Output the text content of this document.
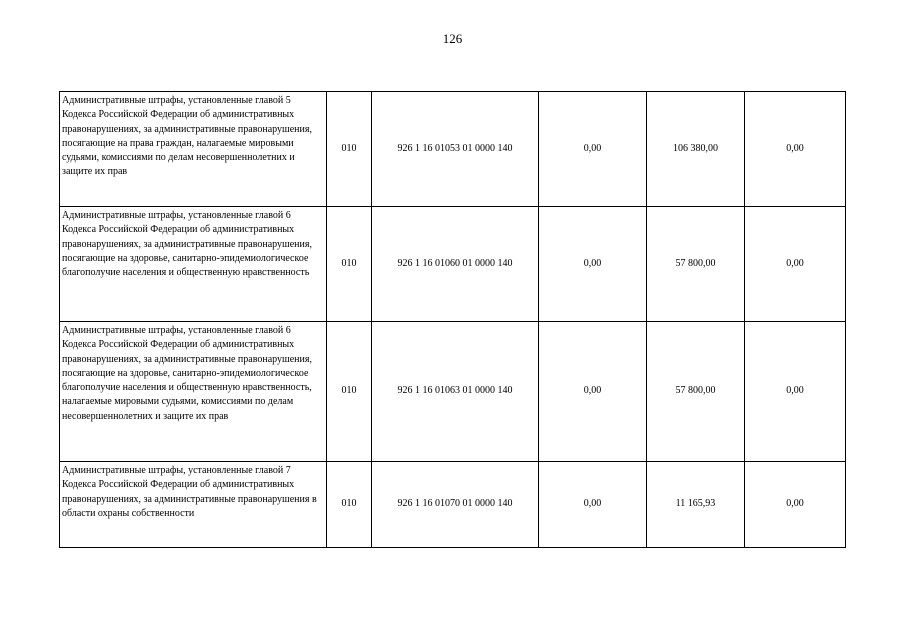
126
Административные штрафы, установленные главой 5 Кодекса Российской Федерации об административных правонарушениях, за административные правонарушения, посягающие на права граждан, налагаемые мировыми судьями, комиссиями по делам несовершеннолетних и защите их прав	010	926 1 16 01053 01 0000 140	0,00	106 380,00	0,00
Административные штрафы, установленные главой 6 Кодекса Российской Федерации об административных правонарушениях, за административные правонарушения, посягающие на здоровье, санитарно-эпидемиологическое благополучие населения и общественную нравственность	010	926 1 16 01060 01 0000 140	0,00	57 800,00	0,00
Административные штрафы, установленные главой 6 Кодекса Российской Федерации об административных правонарушениях, за административные правонарушения, посягающие на здоровье, санитарно-эпидемиологическое благополучие населения и общественную нравственность, налагаемые мировыми судьями, комиссиями по делам несовершеннолетних и защите их прав	010	926 1 16 01063 01 0000 140	0,00	57 800,00	0,00
Административные штрафы, установленные главой 7 Кодекса Российской Федерации об административных правонарушениях, за административные правонарушения в области охраны собственности	010	926 1 16 01070 01 0000 140	0,00	11 165,93	0,00
